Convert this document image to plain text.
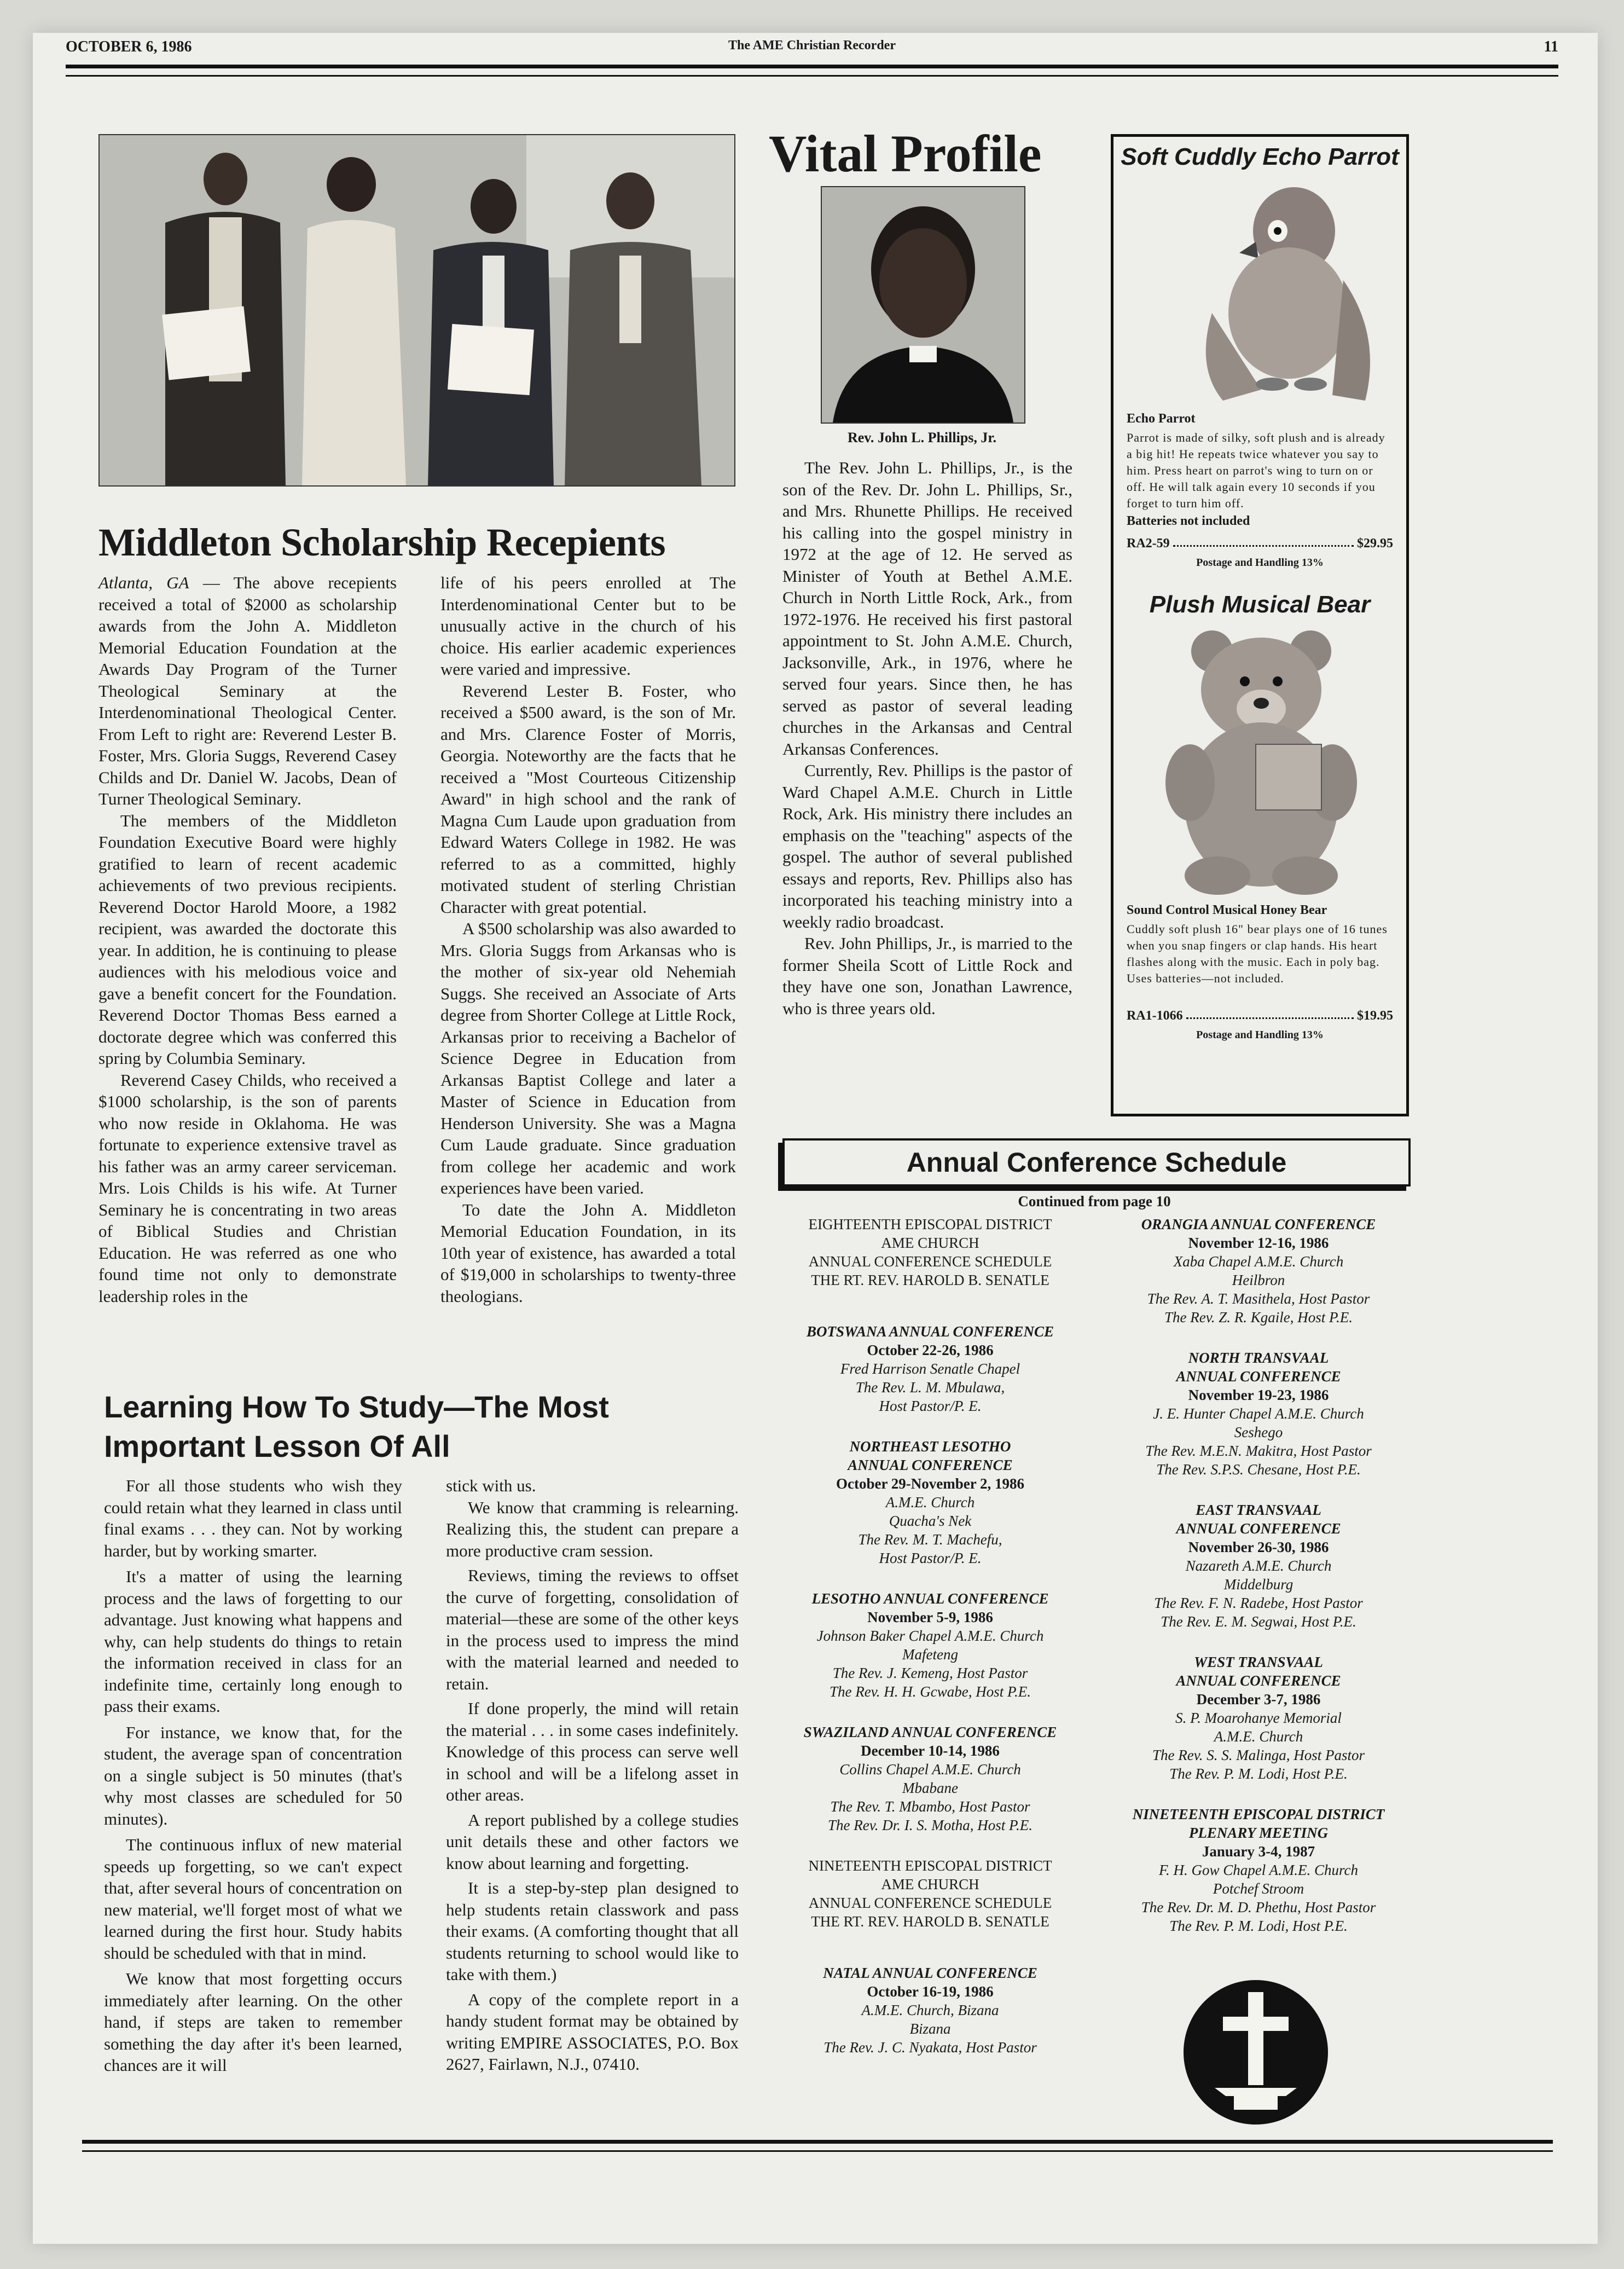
OCTOBER 6, 1986	The AME Christian Recorder	11
Middleton Scholarship Recepients

Atlanta, GA — The above recepients received a total of $2000 as scholarship awards from the John A. Middleton Memorial Education Foundation at the Awards Day Program of the Turner Theological Seminary at the Interdenominational Theological Center. From Left to right are: Reverend Lester B. Foster, Mrs. Gloria Suggs, Reverend Casey Childs and Dr. Daniel W. Jacobs, Dean of Turner Theological Seminary.

The members of the Middleton Foundation Executive Board were highly gratified to learn of recent academic achievements of two previous recipients. Reverend Doctor Harold Moore, a 1982 recipient, was awarded the doctorate this year. In addition, he is continuing to please audiences with his melodious voice and gave a benefit concert for the Foundation. Reverend Doctor Thomas Bess earned a doctorate degree which was conferred this spring by Columbia Seminary.

Reverend Casey Childs, who received a $1000 scholarship, is the son of parents who now reside in Oklahoma. He was fortunate to experience extensive travel as his father was an army career serviceman. Mrs. Lois Childs is his wife. At Turner Seminary he is concentrating in two areas of Biblical Studies and Christian Education. He was referred as one who found time not only to demonstrate leadership roles in the

life of his peers enrolled at The Interdenominational Center but to be unusually active in the church of his choice. His earlier academic experiences were varied and impressive.

Reverend Lester B. Foster, who received a $500 award, is the son of Mr. and Mrs. Clarence Foster of Morris, Georgia. Noteworthy are the facts that he received a "Most Courteous Citizenship Award" in high school and the rank of Magna Cum Laude upon graduation from Edward Waters College in 1982. He was referred to as a committed, highly motivated student of sterling Christian Character with great potential.

A $500 scholarship was also awarded to Mrs. Gloria Suggs from Arkansas who is the mother of six-year old Nehemiah Suggs. She received an Associate of Arts degree from Shorter College at Little Rock, Arkansas prior to receiving a Bachelor of Science Degree in Education from Arkansas Baptist College and later a Master of Science in Education from Henderson University. She was a Magna Cum Laude graduate. Since graduation from college her academic and work experiences have been varied.

To date the John A. Middleton Memorial Education Foundation, in its 10th year of existence, has awarded a total of $19,000 in scholarships to twenty-three theologians.

Learning How To Study—The Most
Important Lesson Of All

For all those students who wish they could retain what they learned in class until final exams . . . they can. Not by working harder, but by working smarter.

It's a matter of using the learning process and the laws of forgetting to our advantage. Just knowing what happens and why, can help students do things to retain the information received in class for an indefinite time, certainly long enough to pass their exams.

For instance, we know that, for the student, the average span of concentration on a single subject is 50 minutes (that's why most classes are scheduled for 50 minutes).

The continuous influx of new material speeds up forgetting, so we can't expect that, after several hours of concentration on new material, we'll forget most of what we learned during the first hour. Study habits should be scheduled with that in mind.

We know that most forgetting occurs immediately after learning. On the other hand, if steps are taken to remember something the day after it's been learned, chances are it will

stick with us.

We know that cramming is relearning. Realizing this, the student can prepare a more productive cram session.

Reviews, timing the reviews to offset the curve of forgetting, consolidation of material—these are some of the other keys in the process used to impress the mind with the material learned and needed to retain.

If done properly, the mind will retain the material . . . in some cases indefinitely. Knowledge of this process can serve well in school and will be a lifelong asset in other areas.

A report published by a college studies unit details these and other factors we know about learning and forgetting.

It is a step-by-step plan designed to help students retain classwork and pass their exams. (A comforting thought that all students returning to school would like to take with them.)

A copy of the complete report in a handy student format may be obtained by writing EMPIRE ASSOCIATES, P.O. Box 2627, Fairlawn, N.J., 07410.

Vital Profile
Rev. John L. Phillips, Jr.

The Rev. John L. Phillips, Jr., is the son of the Rev. Dr. John L. Phillips, Sr., and Mrs. Rhunette Phillips. He received his calling into the gospel ministry in 1972 at the age of 12. He served as Minister of Youth at Bethel A.M.E. Church in North Little Rock, Ark., from 1972-1976. He received his first pastoral appointment to St. John A.M.E. Church, Jacksonville, Ark., in 1976, where he served four years. Since then, he has served as pastor of several leading churches in the Arkansas and Central Arkansas Conferences.

Currently, Rev. Phillips is the pastor of Ward Chapel A.M.E. Church in Little Rock, Ark. His ministry there includes an emphasis on the "teaching" aspects of the gospel. The author of several published essays and reports, Rev. Phillips also has incorporated his teaching ministry into a weekly radio broadcast.

Rev. John Phillips, Jr., is married to the former Sheila Scott of Little Rock and they have one son, Jonathan Lawrence, who is three years old.

Soft Cuddly Echo Parrot
Echo Parrot
Parrot is made of silky, soft plush and is already a big hit! He repeats twice whatever you say to him. Press heart on parrot's wing to turn on or off. He will talk again every 10 seconds if you forget to turn him off.
Batteries not included
RA2-59	$29.95
Postage and Handling 13%
Plush Musical Bear
Sound Control Musical Honey Bear
Cuddly soft plush 16" bear plays one of 16 tunes when you snap fingers or clap hands. His heart flashes along with the music. Each in poly bag. Uses batteries—not included.
RA1-1066	$19.95
Postage and Handling 13%
Annual Conference Schedule
Continued from page 10
EIGHTEENTH EPISCOPAL DISTRICT
AME CHURCH
ANNUAL CONFERENCE SCHEDULE
THE RT. REV. HAROLD B. SENATLE
BOTSWANA ANNUAL CONFERENCE
October 22-26, 1986
Fred Harrison Senatle Chapel
The Rev. L. M. Mbulawa,
Host Pastor/P. E.
NORTHEAST LESOTHO
ANNUAL CONFERENCE
October 29-November 2, 1986
A.M.E. Church
Quacha's Nek
The Rev. M. T. Machefu,
Host Pastor/P. E.
LESOTHO ANNUAL CONFERENCE
November 5-9, 1986
Johnson Baker Chapel A.M.E. Church
Mafeteng
The Rev. J. Kemeng, Host Pastor
The Rev. H. H. Gcwabe, Host P.E.
SWAZILAND ANNUAL CONFERENCE
December 10-14, 1986
Collins Chapel A.M.E. Church
Mbabane
The Rev. T. Mbambo, Host Pastor
The Rev. Dr. I. S. Motha, Host P.E.
NINETEENTH EPISCOPAL DISTRICT
AME CHURCH
ANNUAL CONFERENCE SCHEDULE
THE RT. REV. HAROLD B. SENATLE
NATAL ANNUAL CONFERENCE
October 16-19, 1986
A.M.E. Church, Bizana
Bizana
The Rev. J. C. Nyakata, Host Pastor
ORANGIA ANNUAL CONFERENCE
November 12-16, 1986
Xaba Chapel A.M.E. Church
Heilbron
The Rev. A. T. Masithela, Host Pastor
The Rev. Z. R. Kgaile, Host P.E.
NORTH TRANSVAAL
ANNUAL CONFERENCE
November 19-23, 1986
J. E. Hunter Chapel A.M.E. Church
Seshego
The Rev. M.E.N. Makitra, Host Pastor
The Rev. S.P.S. Chesane, Host P.E.
EAST TRANSVAAL
ANNUAL CONFERENCE
November 26-30, 1986
Nazareth A.M.E. Church
Middelburg
The Rev. F. N. Radebe, Host Pastor
The Rev. E. M. Segwai, Host P.E.
WEST TRANSVAAL
ANNUAL CONFERENCE
December 3-7, 1986
S. P. Moarohanye Memorial
A.M.E. Church
The Rev. S. S. Malinga, Host Pastor
The Rev. P. M. Lodi, Host P.E.
NINETEENTH EPISCOPAL DISTRICT
PLENARY MEETING
January 3-4, 1987
F. H. Gow Chapel A.M.E. Church
Potchef Stroom
The Rev. Dr. M. D. Phethu, Host Pastor
The Rev. P. M. Lodi, Host P.E.
